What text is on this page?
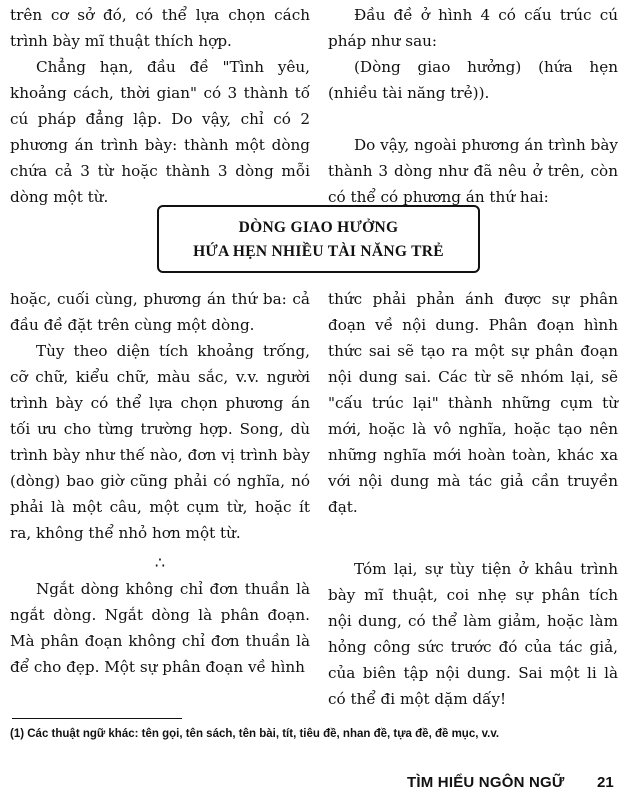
trên cơ sở đó, có thể lựa chọn cách trình bày mĩ thuật thích hợp.

Chẳng hạn, đầu đề "Tình yêu, khoảng cách, thời gian" có 3 thành tố cú pháp đẳng lập. Do vậy, chỉ có 2 phương án trình bày: thành một dòng chứa cả 3 từ hoặc thành 3 dòng mỗi dòng một từ.

Đầu đề ở hình 4 có cấu trúc cú pháp như sau:

(Dòng giao hưởng) (hứa hẹn (nhiều tài năng trẻ)).

Do vậy, ngoài phương án trình bày thành 3 dòng như đã nêu ở trên, còn có thể có phương án thứ hai:

DÒNG GIAO HƯỞNG
HỨA HẸN NHIỀU TÀI NĂNG TRẺ

hoặc, cuối cùng, phương án thứ ba: cả đầu đề đặt trên cùng một dòng.

Tùy theo diện tích khoảng trống, cỡ chữ, kiểu chữ, màu sắc, v.v. người trình bày có thể lựa chọn phương án tối ưu cho từng trường hợp. Song, dù trình bày như thế nào, đơn vị trình bày (dòng) bao giờ cũng phải có nghĩa, nó phải là một câu, một cụm từ, hoặc ít ra, không thể nhỏ hơn một từ.

∴

Ngắt dòng không chỉ đơn thuần là ngắt dòng. Ngắt dòng là phân đoạn. Mà phân đoạn không chỉ đơn thuần là để cho đẹp. Một sự phân đoạn về hình

thức phải phản ánh được sự phân đoạn về nội dung. Phân đoạn hình thức sai sẽ tạo ra một sự phân đoạn nội dung sai. Các từ sẽ nhóm lại, sẽ "cấu trúc lại" thành những cụm từ mới, hoặc là vô nghĩa, hoặc tạo nên những nghĩa mới hoàn toàn, khác xa với nội dung mà tác giả cần truyền đạt.

Tóm lại, sự tùy tiện ở khâu trình bày mĩ thuật, coi nhẹ sự phân tích nội dung, có thể làm giảm, hoặc làm hỏng công sức trước đó của tác giả, của biên tập nội dung. Sai một li là có thể đi một dặm dấy!

(1) Các thuật ngữ khác: tên gọi, tên sách, tên bài, tít, tiêu đề, nhan đề, tựa đề, đề mục, v.v.
TÌM HIỂU NGÔN NGỮ 21
